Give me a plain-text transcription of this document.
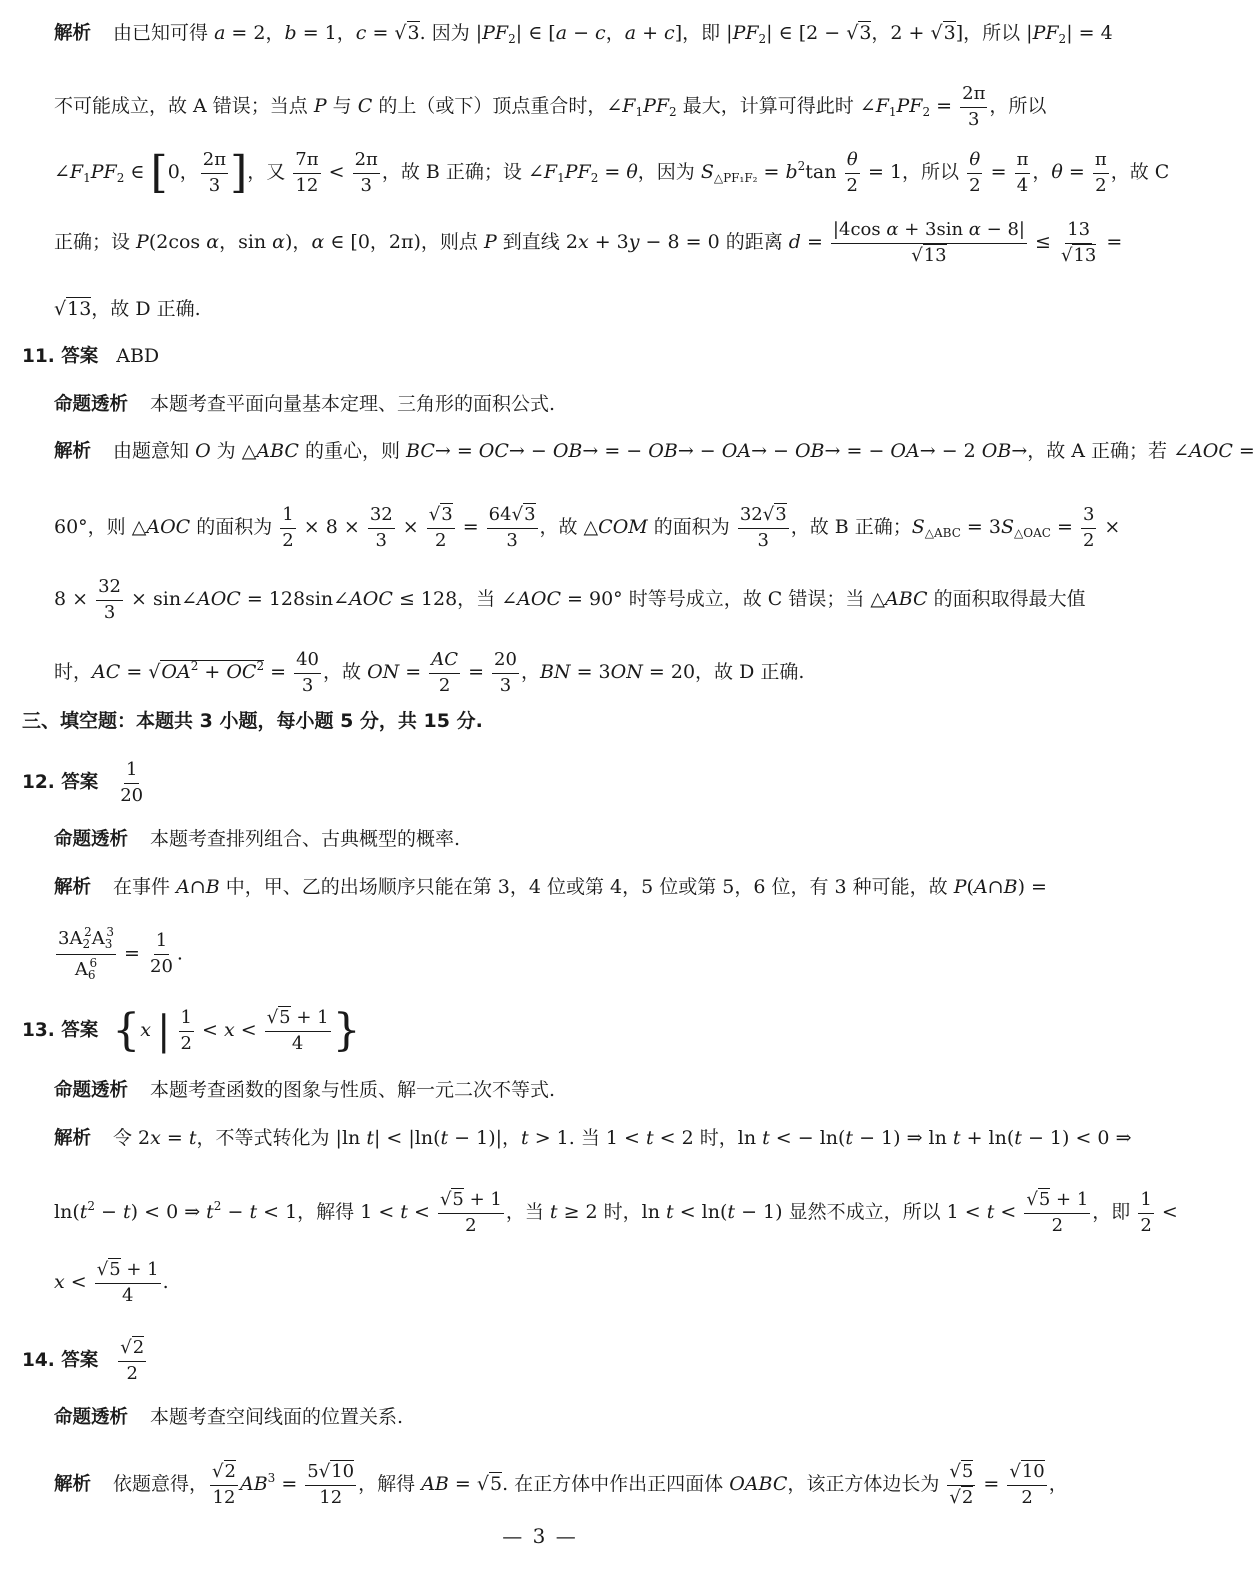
解析 由已知可得 a = 2，b = 1，c = √ 3. 因为 $|PF_2|$ ∈ [a − c，a + c]，即 $|PF_2|$ ∈ [2 − √ 3，2 + √ 3]，所以 $|PF_2| = 4$
不可能成立，故 A 错误；当点 P 与 C 的上（或下）顶点重合时，$\angle F_1PF_2$ 最大，计算可得此时 $\angle F_1PF_2 = \frac{2\pi}{3}$ ，所以
$\angle F_1PF_2$ ∈ [0， $\frac{2\pi}{3}$ ]，又 $\frac{7\pi}{12} < \frac{2\pi}{3}$ ，故 B 正确；设 $\angle F_1PF_2 = \theta$，因为 $S_{\triangle PF_1F_2} = b^2\tan \frac{\theta}{2} = 1$，所以 $\frac{\theta}{2} = \frac{\pi}{4}$ ，$\theta = \frac{\pi}{2}$ ，故 C
正确；设 P(2cos α，sin α)，α ∈ [0，2π)，则点 P 到直线 2x + 3y − 8 = 0 的距离 d = |4cos α + 3sin α − 8|
√ 13 ≤ 13
√ 13 =
√ 13，故 D 正确.
11. 答案 ABD
命题透析 本题考查平面向量基本定理、三角形的面积公式.
解析 由题意知 O 为 △ABC 的重心，则 BC→ = OC→ − OB→ = − OB→ − OA→ − OB→ = − OA→ − 2 OB→，故 A 正确；若 ∠AOC =
60°，则 △AOC 的面积为 $\frac{1}{2} \times 8 \times \frac{32}{3}$ × √ $\frac{3}{2} = \frac{64 √ 3}{3}$ ，故 △COM 的面积为 $\frac{32 √ 3}{3}$ ，故 B 正确；$S_{\triangle ABC} = 3S_{\triangle OAC} = \frac{3}{2}$ ×
$8 \times \frac{32}{3}$ × sin∠AOC = 128sin∠AOC ≤ 128，当 ∠AOC = 90° 时等号成立，故 C 错误；当 △ABC 的面积取得最大值
时，AC = √ $OA^2 + OC^2 = \frac{40}{3}$ ，故 ON = $\frac{AC}{2} = \frac{20}{3}$ ，BN = 3ON = 20，故 D 正确.
三、填空题：本题共 3 小题，每小题 5 分，共 15 分.
12. 答案 $\frac{1}{20}$
命题透析 本题考查排列组合、古典概型的概率.
解析 在事件 A∩B 中，甲、乙的出场顺序只能在第 3，4 位或第 4，5 位或第 5，6 位，有 3 种可能，故 P(A∩B) =
$\frac{3A_2^2A_3^3}{A_6^6} = \frac{1}{20}$ .
13. 答案 {x | $\frac{1}{2} < x$ < √ $\frac{5 + 1}{4}$ }
命题透析 本题考查函数的图象与性质、解一元二次不等式.
解析 令 2x = t，不等式转化为 |ln t| < |ln(t − 1)|，t > 1. 当 1 < t < 2 时，ln t < − ln(t − 1) ⇒ ln t + ln(t − 1) < 0 ⇒
$\ln(t^2 - t) < 0$ ⇒ $t^2 - t < 1$，解得 1 < t < √ $\frac{5 + 1}{2}$ ，当 t ≥ 2 时，ln t < ln(t − 1) 显然不成立，所以 1 < t < √ $\frac{5 + 1}{2}$ ，即 $\frac{1}{2}$ <
x < √ $\frac{5 + 1}{4}$ .
14. 答案 √ $\frac{2}{2}$
命题透析 本题考查空间线面的位置关系.
解析 依题意得， √ $\frac{2}{12} AB^3 = \frac{5 √ 10}{12}$ ，解得 AB = √ 5. 在正方体中作出正四面体 OABC，该正方体边长为 √ 5
√ 2 = √ $\frac{10}{2}$ ，
— 3 —
